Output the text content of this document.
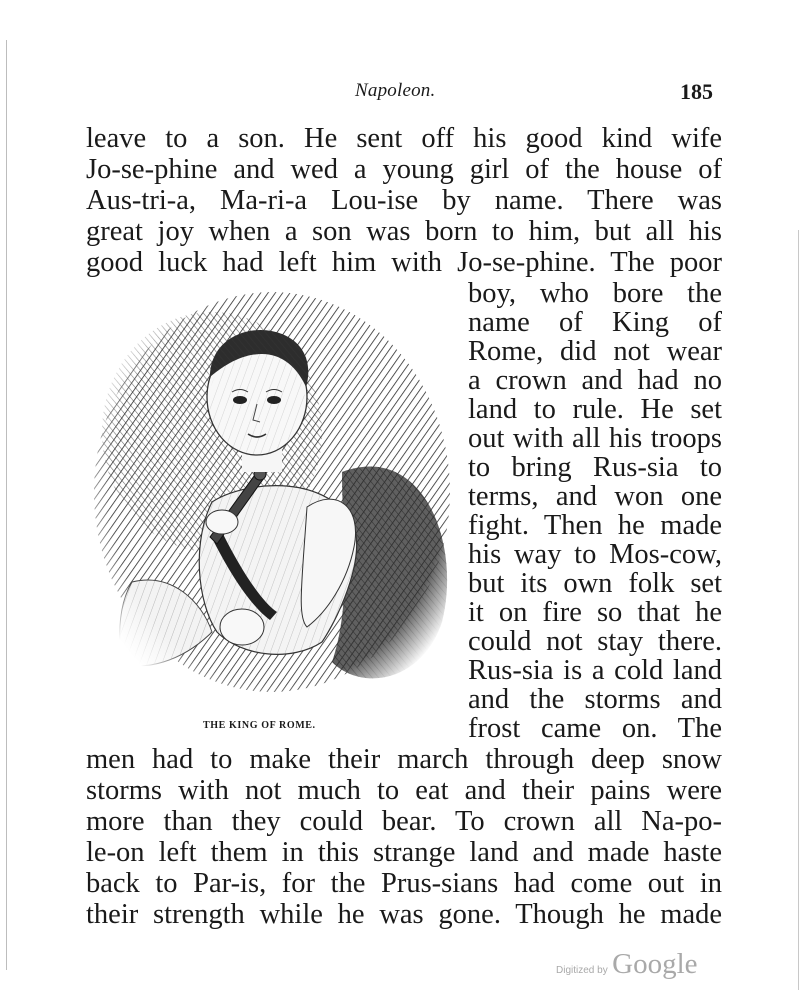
Napoleon.	185
leave to a son. He sent off his good kind wife
Jo-se-phine and wed a young girl of the house of
Aus-tri-a, Ma-ri-a Lou-ise by name. There was
great joy when a son was born to him, but all his
good luck had left him with Jo-se-phine. The poor
boy, who bore the
name of King of
Rome, did not wear
a crown and had no
land to rule. He set
out with all his troops
to bring Rus-sia to
terms, and won one
fight. Then he made
his way to Mos-cow,
but its own folk set
it on fire so that he
could not stay there.
Rus-sia is a cold land
and the storms and
frost came on. The
men had to make their march through deep snow
storms with not much to eat and their pains were
more than they could bear. To crown all Na-po-
le-on left them in this strange land and made haste
back to Par-is, for the Prus-sians had come out in
their strength while he was gone. Though he made
THE KING OF ROME.
Digitized by Google
